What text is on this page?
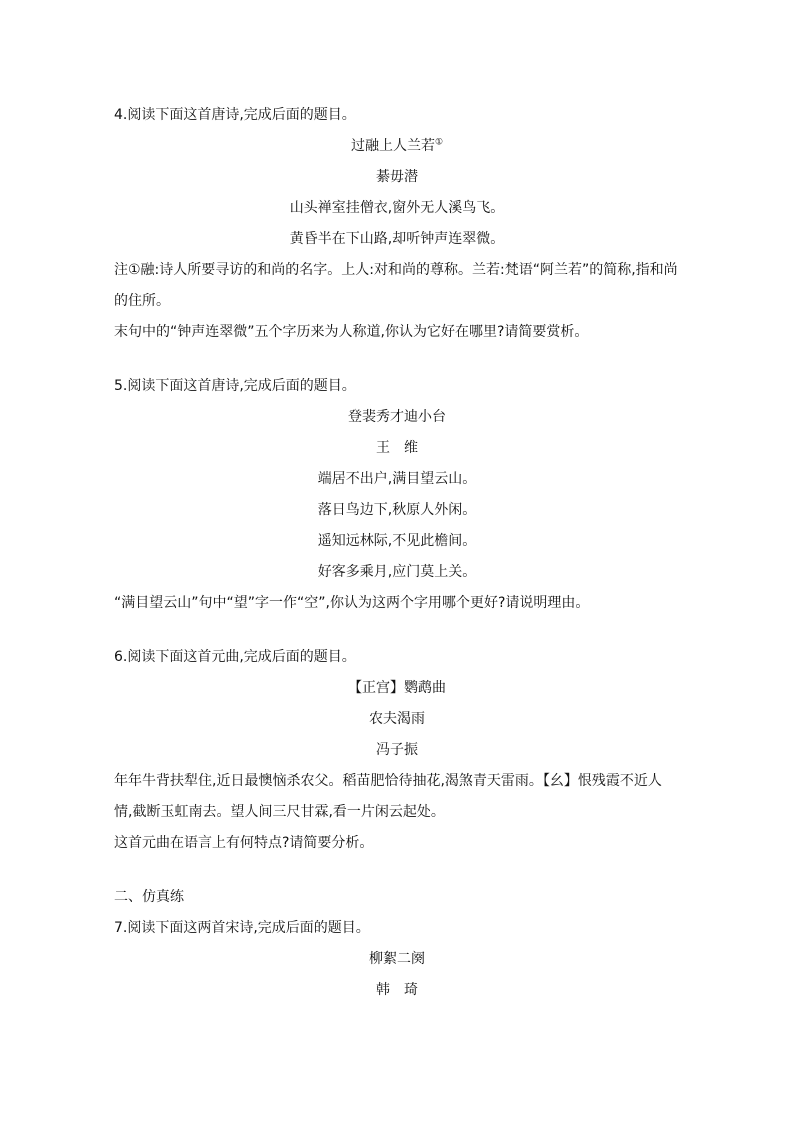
4.阅读下面这首唐诗,完成后面的题目。

过融上人兰若①

綦毋潜

山头禅室挂僧衣,窗外无人溪鸟飞。

黄昏半在下山路,却听钟声连翠微。

注①融:诗人所要寻访的和尚的名字。上人:对和尚的尊称。兰若:梵语“阿兰若”的简称,指和尚的住所。

末句中的“钟声连翠微”五个字历来为人称道,你认为它好在哪里?请简要赏析。

5.阅读下面这首唐诗,完成后面的题目。

登裴秀才迪小台

王　维

端居不出户,满目望云山。

落日鸟边下,秋原人外闲。

遥知远林际,不见此檐间。

好客多乘月,应门莫上关。

“满目望云山”句中“望”字一作“空”,你认为这两个字用哪个更好?请说明理由。

6.阅读下面这首元曲,完成后面的题目。

【正宫】鹦鹉曲

农夫渴雨

冯子振

年年牛背扶犁住,近日最懊恼杀农父。稻苗肥恰待抽花,渴煞青天雷雨。【幺】恨残霞不近人情,截断玉虹南去。望人间三尺甘霖,看一片闲云起处。

这首元曲在语言上有何特点?请简要分析。

二、仿真练

7.阅读下面这两首宋诗,完成后面的题目。

柳絮二阕

韩　琦
